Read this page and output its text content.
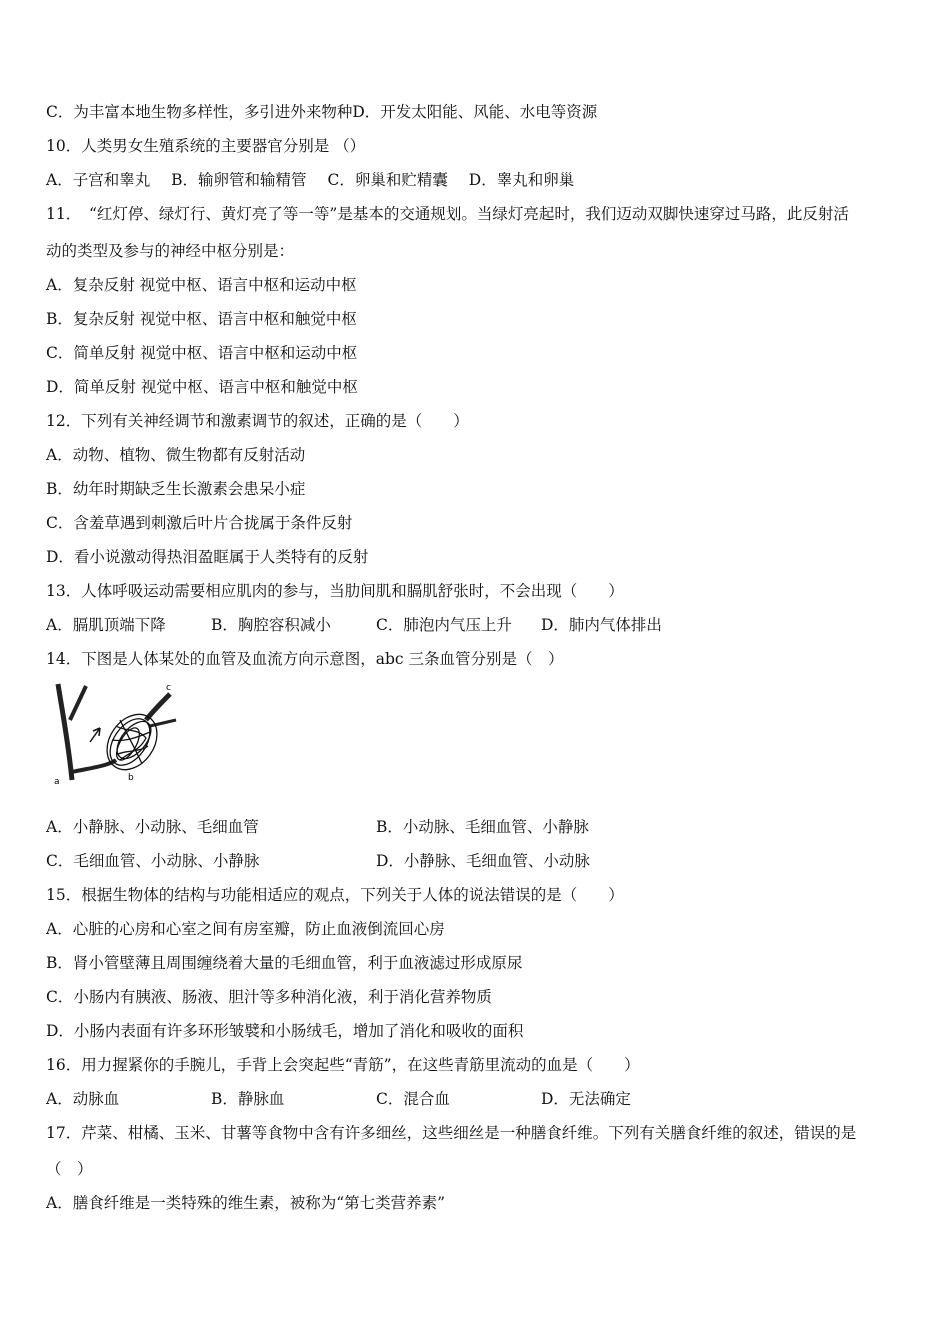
C．为丰富本地生物多样性，多引进外来物种D．开发太阳能、风能、水电等资源
10．人类男女生殖系统的主要器官分别是 （）
A．子宫和睾丸 B．输卵管和输精管 C．卵巢和贮精囊 D．睾丸和卵巢
11．　“红灯停、绿灯行、黄灯亮了等一等”是基本的交通规划。当绿灯亮起时，我们迈动双脚快速穿过马路，此反射活
动的类型及参与的神经中枢分别是：
A．复杂反射 视觉中枢、语言中枢和运动中枢
B．复杂反射 视觉中枢、语言中枢和触觉中枢
C．简单反射 视觉中枢、语言中枢和运动中枢
D．简单反射 视觉中枢、语言中枢和触觉中枢
12．下列有关神经调节和激素调节的叙述，正确的是（　　）
A．动物、植物、微生物都有反射活动
B．幼年时期缺乏生长激素会患呆小症
C．含羞草遇到刺激后叶片合拢属于条件反射
D．看小说激动得热泪盈眶属于人类特有的反射
13．人体呼吸运动需要相应肌肉的参与，当肋间肌和膈肌舒张时，不会出现（　　）
A．膈肌顶端下降	B．胸腔容积减小	C．肺泡内气压上升 D．肺内气体排出
14．下图是人体某处的血管及血流方向示意图，abc 三条血管分别是（　）
a	b
c
A．小静脉、小动脉、毛细血管	B．小动脉、毛细血管、小静脉
C．毛细血管、小动脉、小静脉	D．小静脉、毛细血管、小动脉
15．根据生物体的结构与功能相适应的观点，下列关于人体的说法错误的是（　　）
A．心脏的心房和心室之间有房室瓣，防止血液倒流回心房
B．肾小管壁薄且周围缠绕着大量的毛细血管，利于血液滤过形成原尿
C．小肠内有胰液、肠液、胆汁等多种消化液，利于消化营养物质
D．小肠内表面有许多环形皱襞和小肠绒毛，增加了消化和吸收的面积
16．用力握紧你的手腕儿，手背上会突起些“青筋”，在这些青筋里流动的血是（　　）
A．动脉血	B．静脉血	C．混合血	D．无法确定
17．芹菜、柑橘、玉米、甘薯等食物中含有许多细丝，这些细丝是一种膳食纤维。下列有关膳食纤维的叙述，错误的是
（　）
A．膳食纤维是一类特殊的维生素，被称为“第七类营养素”
